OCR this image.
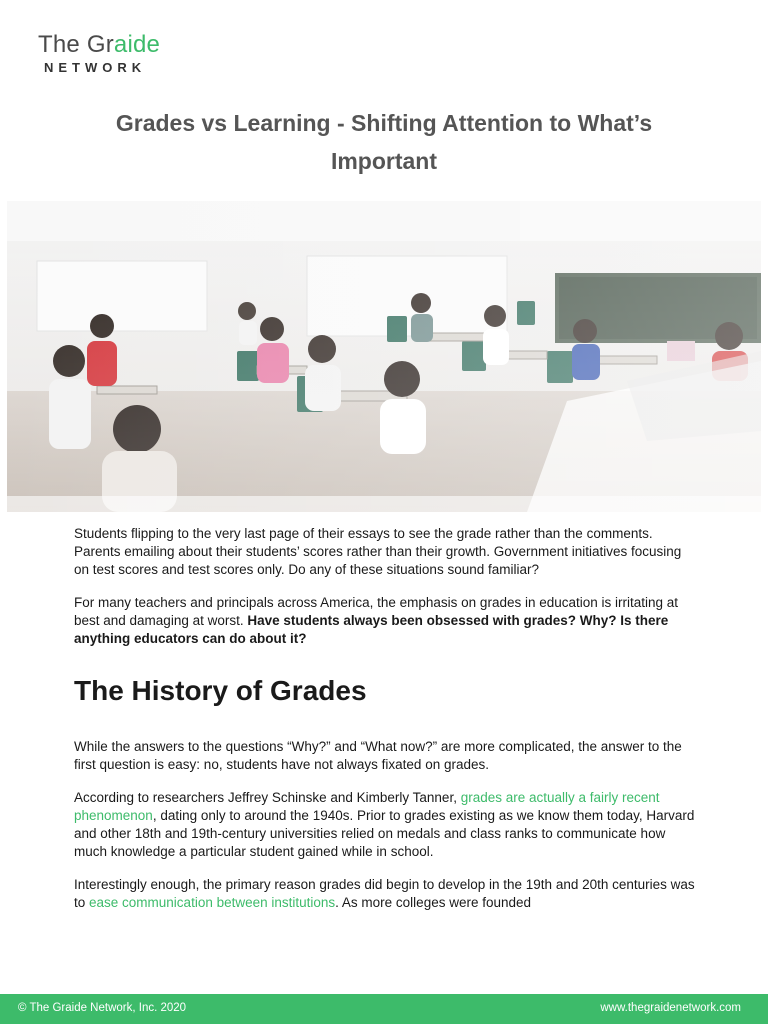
The Graide
NETWORK
Grades vs Learning - Shifting Attention to What’s Important

Students flipping to the very last page of their essays to see the grade rather than the comments. Parents emailing about their students’ scores rather than their growth. Government initiatives focusing on test scores and test scores only. Do any of these situations sound familiar?

For many teachers and principals across America, the emphasis on grades in education is irritating at best and damaging at worst. Have students always been obsessed with grades? Why? Is there anything educators can do about it?

The History of Grades

While the answers to the questions “Why?” and “What now?” are more complicated, the answer to the first question is easy: no, students have not always fixated on grades.

According to researchers Jeffrey Schinske and Kimberly Tanner, grades are actually a fairly recent phenomenon, dating only to around the 1940s. Prior to grades existing as we know them today, Harvard and other 18th and 19th-century universities relied on medals and class ranks to communicate how much knowledge a particular student gained while in school.

Interestingly enough, the primary reason grades did begin to develop in the 19th and 20th centuries was to ease communication between institutions. As more colleges were founded

© The Graide Network, Inc. 2020	www.thegraidenetwork.com
